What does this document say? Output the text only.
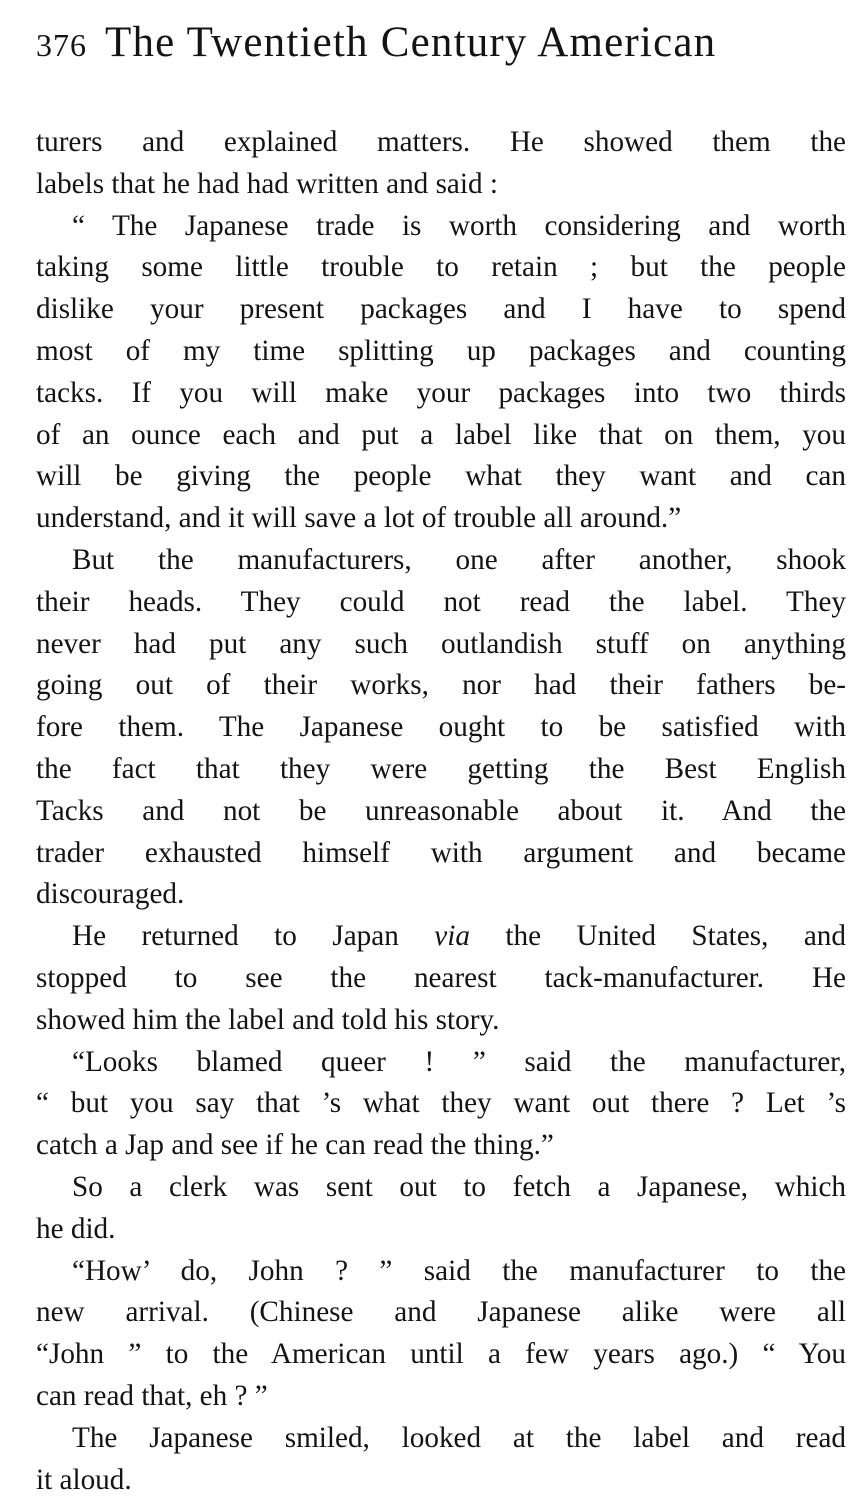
376 The Twentieth Century American

turers and explained matters. He showed them the
labels that he had had written and said :

“ The Japanese trade is worth considering and worth
taking some little trouble to retain ; but the people
dislike your present packages and I have to spend
most of my time splitting up packages and counting
tacks. If you will make your packages into two thirds
of an ounce each and put a label like that on them, you
will be giving the people what they want and can
understand, and it will save a lot of trouble all around.”

But the manufacturers, one after another, shook
their heads. They could not read the label. They
never had put any such outlandish stuff on anything
going out of their works, nor had their fathers be-
fore them. The Japanese ought to be satisfied with
the fact that they were getting the Best English
Tacks and not be unreasonable about it. And the
trader exhausted himself with argument and became
discouraged.

He returned to Japan via the United States, and
stopped to see the nearest tack-manufacturer. He
showed him the label and told his story.

“Looks blamed queer ! ” said the manufacturer,
“ but you say that ’s what they want out there ? Let ’s
catch a Jap and see if he can read the thing.”

So a clerk was sent out to fetch a Japanese, which
he did.

“How’ do, John ? ” said the manufacturer to the
new arrival. (Chinese and Japanese alike were all
“John ” to the American until a few years ago.) “ You
can read that, eh ? ”

The Japanese smiled, looked at the label and read
it aloud.
